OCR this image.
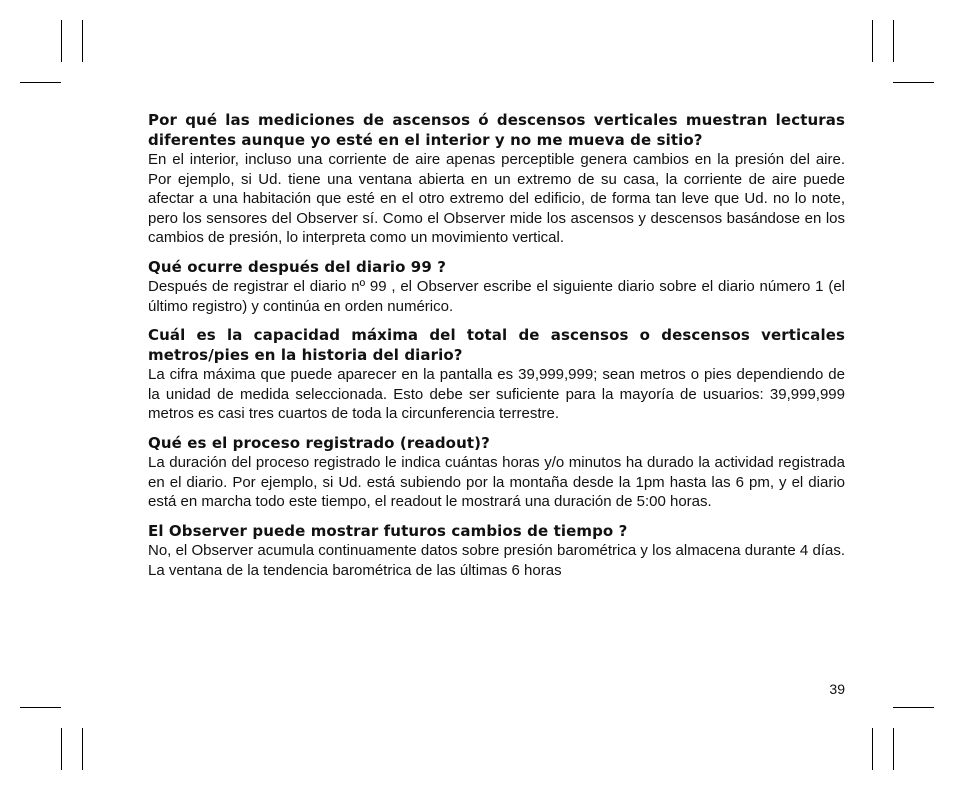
Por qué las mediciones de ascensos ó descensos verticales muestran lecturas diferentes aunque yo esté en el interior y no me mueva de sitio?

En el interior, incluso una corriente de aire apenas perceptible genera cambios en la presión del aire. Por ejemplo, si Ud. tiene una ventana abierta en un extremo de su casa, la corriente de aire puede afectar a una habitación que esté en el otro extremo del edificio, de forma tan leve que Ud. no lo note, pero los sensores del Observer sí. Como el Observer mide los ascensos y descensos basándose en los cambios de presión, lo interpreta como un movimiento vertical.

Qué ocurre después del diario 99 ?

Después de registrar el diario nº 99 , el Observer escribe el siguiente diario sobre el diario número 1 (el último registro) y continúa en orden numérico.

Cuál es la capacidad máxima del total de ascensos o descensos verticales metros/pies en la historia del diario?

La cifra máxima que puede aparecer en la pantalla es 39,999,999; sean metros o pies dependiendo de la unidad de medida seleccionada. Esto debe ser suficiente para la mayoría de usuarios: 39,999,999 metros es casi tres cuartos de toda la circunferencia terrestre.

Qué es el proceso registrado (readout)?

La duración del proceso registrado le indica cuántas horas y/o minutos ha durado la actividad registrada en el diario. Por ejemplo, si Ud. está subiendo por la montaña desde la 1pm hasta las 6 pm, y el diario está en marcha todo este tiempo, el readout le mostrará una duración de 5:00 horas.

El Observer puede mostrar futuros cambios de tiempo ?

No, el Observer acumula continuamente datos sobre presión barométrica y los almacena durante 4 días. La ventana de la tendencia barométrica de las últimas 6 horas

39
